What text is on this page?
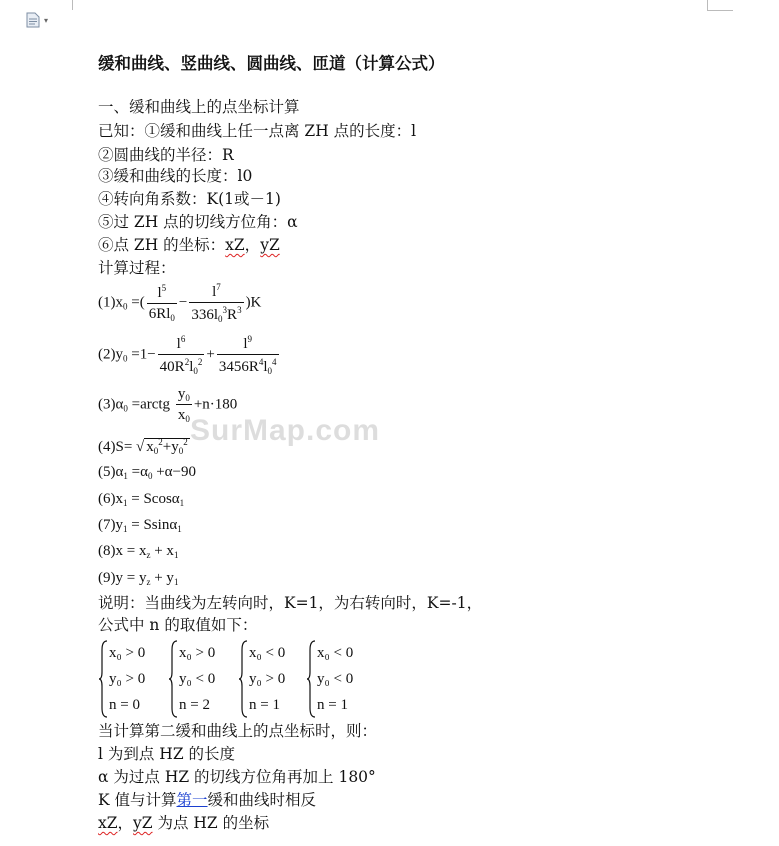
▾
SurMap.com
缓和曲线、竖曲线、圆曲线、匝道（计算公式）
一、缓和曲线上的点坐标计算
已知：①缓和曲线上任一点离 ZH 点的长度：l
②圆曲线的半径：R
③缓和曲线的长度：l0
④转向角系数：K(1或－1)
⑤过 ZH 点的切线方位角：α
⑥点 ZH 的坐标：xZ，yZ
计算过程：
$(1)x_0$ =( $\frac{l^5}{6Rl_0} - \frac{l^7}{336l_0^3R^3} )K$
$(2)y_0 =1- \frac{l^6}{40R^2l_0^2} + \frac{l^9}{3456R^4l_0^4}$
$(3)\alpha_0$ =arctg $\frac{y_0}{x_0} +n\cdot 180$
(4)S= √ $x_0^2+y_0^2$
$(5)\alpha_1 =\alpha_0 +\alpha-90$
$(6)x_1 = Scos\alpha_1$
$(7)y_1 = Ssin\alpha_1$
$(8)x = x_z + x_1$
$(9)y = y_z + y_1$
说明：当曲线为左转向时，K=1，为右转向时，K=-1，
公式中 n 的取值如下：
x₀ > 0
y₀ > 0
n = 0
x₀ > 0
y₀ < 0
n = 2
x₀ < 0
y₀ > 0
n = 1
x₀ < 0
y₀ < 0
n = 1
当计算第二缓和曲线上的点坐标时，则：
l 为到点 HZ 的长度
α 为过点 HZ 的切线方位角再加上 180°
K 值与计算第一缓和曲线时相反
xZ，yZ 为点 HZ 的坐标
